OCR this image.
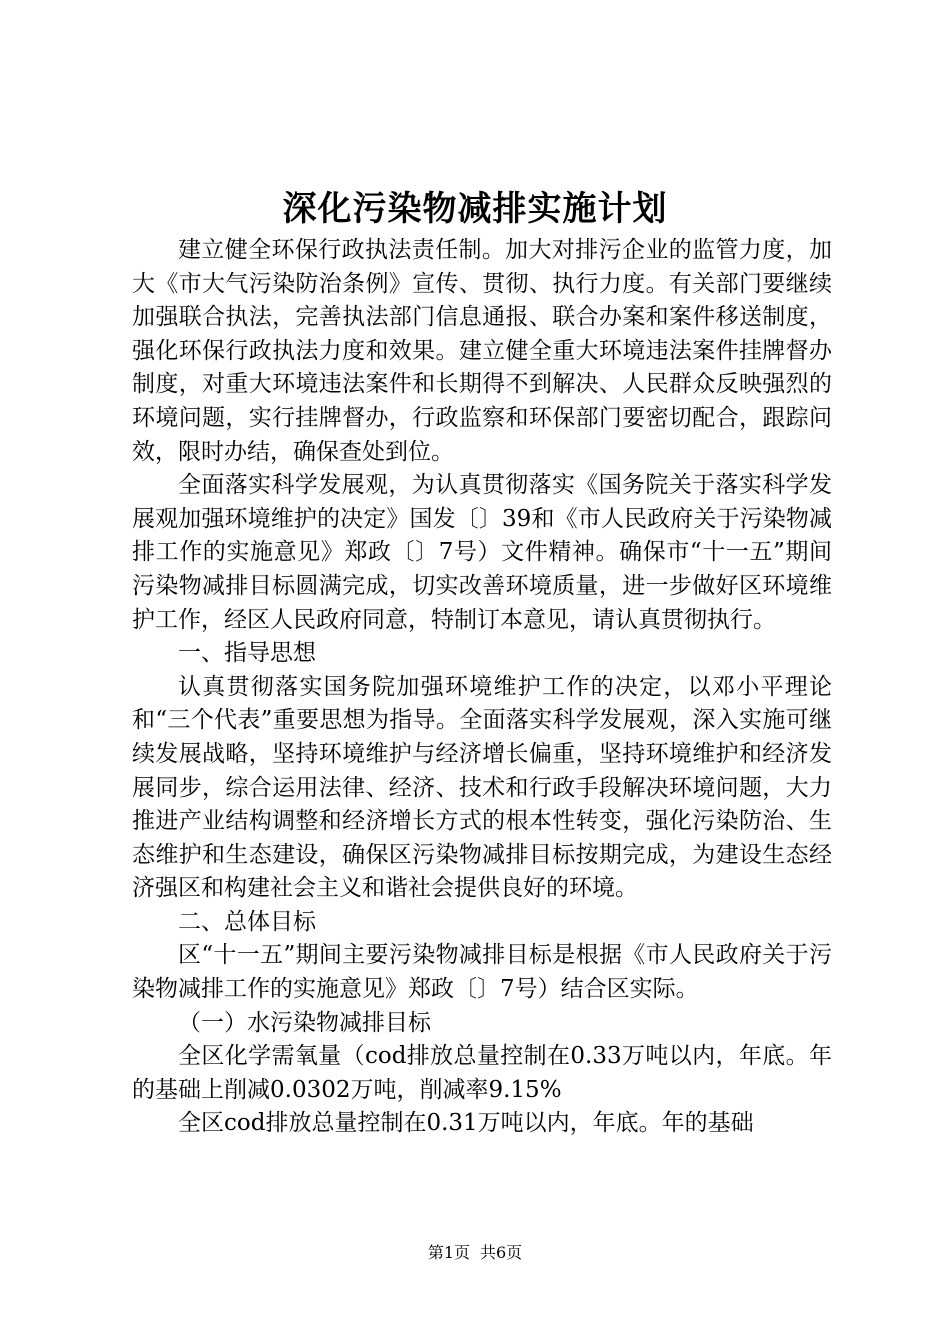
深化污染物减排实施计划

建立健全环保行政执法责任制。加大对排污企业的监管力度，加大《市大气污染防治条例》宣传、贯彻、执行力度。有关部门要继续加强联合执法，完善执法部门信息通报、联合办案和案件移送制度，强化环保行政执法力度和效果。建立健全重大环境违法案件挂牌督办制度，对重大环境违法案件和长期得不到解决、人民群众反映强烈的环境问题，实行挂牌督办，行政监察和环保部门要密切配合，跟踪问效，限时办结，确保查处到位。

全面落实科学发展观，为认真贯彻落实《国务院关于落实科学发展观加强环境维护的决定》国发〔〕39和《市人民政府关于污染物减排工作的实施意见》郑政〔〕7号）文件精神。确保市“十一五”期间污染物减排目标圆满完成，切实改善环境质量，进一步做好区环境维护工作，经区人民政府同意，特制订本意见，请认真贯彻执行。

一、指导思想

认真贯彻落实国务院加强环境维护工作的决定，以邓小平理论和“三个代表”重要思想为指导。全面落实科学发展观，深入实施可继续发展战略，坚持环境维护与经济增长偏重，坚持环境维护和经济发展同步，综合运用法律、经济、技术和行政手段解决环境问题，大力推进产业结构调整和经济增长方式的根本性转变，强化污染防治、生态维护和生态建设，确保区污染物减排目标按期完成，为建设生态经济强区和构建社会主义和谐社会提供良好的环境。

二、总体目标

区“十一五”期间主要污染物减排目标是根据《市人民政府关于污染物减排工作的实施意见》郑政〔〕7号）结合区实际。

（一）水污染物减排目标

全区化学需氧量（cod排放总量控制在0.33万吨以内，年底。年的基础上削减0.0302万吨，削减率9.15%

全区cod排放总量控制在0.31万吨以内，年底。年的基础

第1页 共6页
